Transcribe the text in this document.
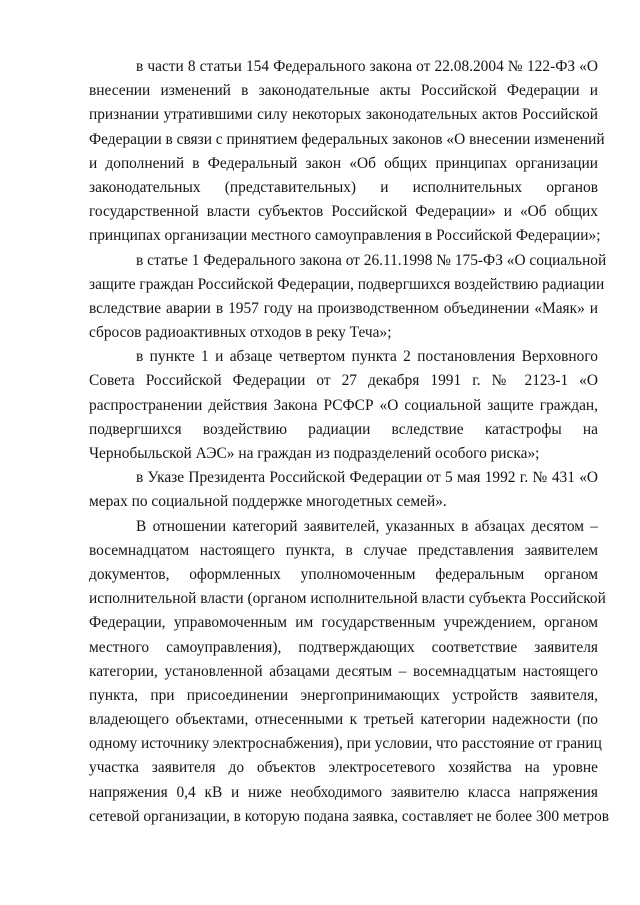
в части 8 статьи 154 Федерального закона от 22.08.2004 № 122-ФЗ «О
внесении изменений в законодательные акты Российской Федерации и
признании утратившими силу некоторых законодательных актов Российской
Федерации в связи с принятием федеральных законов «О внесении изменений
и дополнений в Федеральный закон «Об общих принципах организации
законодательных (представительных) и исполнительных органов
государственной власти субъектов Российской Федерации» и «Об общих
принципах организации местного самоуправления в Российской Федерации»;

в статье 1 Федерального закона от 26.11.1998 № 175-ФЗ «О социальной
защите граждан Российской Федерации, подвергшихся воздействию радиации
вследствие аварии в 1957 году на производственном объединении «Маяк» и
сбросов радиоактивных отходов в реку Теча»;

в пункте 1 и абзаце четвертом пункта 2 постановления Верховного
Совета Российской Федерации от 27 декабря 1991 г. № 2123-1 «О
распространении действия Закона РСФСР «О социальной защите граждан,
подвергшихся воздействию радиации вследствие катастрофы на
Чернобыльской АЭС» на граждан из подразделений особого риска»;

в Указе Президента Российской Федерации от 5 мая 1992 г. № 431 «О
мерах по социальной поддержке многодетных семей».

В отношении категорий заявителей, указанных в абзацах десятом –
восемнадцатом настоящего пункта, в случае представления заявителем
документов, оформленных уполномоченным федеральным органом
исполнительной власти (органом исполнительной власти субъекта Российской
Федерации, управомоченным им государственным учреждением, органом
местного самоуправления), подтверждающих соответствие заявителя
категории, установленной абзацами десятым – восемнадцатым настоящего
пункта, при присоединении энергопринимающих устройств заявителя,
владеющего объектами, отнесенными к третьей категории надежности (по
одному источнику электроснабжения), при условии, что расстояние от границ
участка заявителя до объектов электросетевого хозяйства на уровне
напряжения 0,4 кВ и ниже необходимого заявителю класса напряжения
сетевой организации, в которую подана заявка, составляет не более 300 метров
